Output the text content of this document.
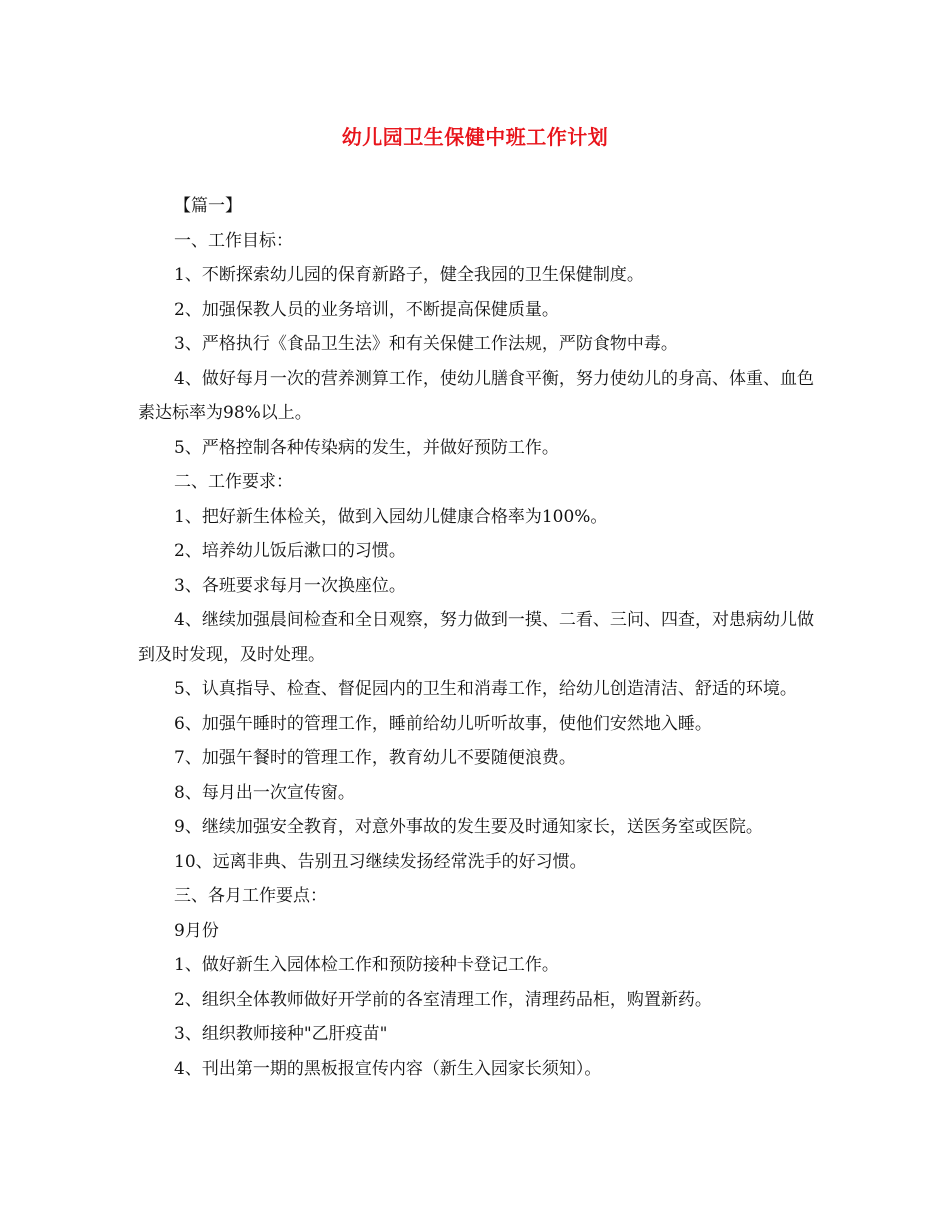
幼儿园卫生保健中班工作计划

【篇一】

一、工作目标：

1、不断探索幼儿园的保育新路子，健全我园的卫生保健制度。

2、加强保教人员的业务培训，不断提高保健质量。

3、严格执行《食品卫生法》和有关保健工作法规，严防食物中毒。

4、做好每月一次的营养测算工作，使幼儿膳食平衡，努力使幼儿的身高、体重、血色素达标率为98%以上。

5、严格控制各种传染病的发生，并做好预防工作。

二、工作要求：

1、把好新生体检关，做到入园幼儿健康合格率为100%。

2、培养幼儿饭后漱口的习惯。

3、各班要求每月一次换座位。

4、继续加强晨间检查和全日观察，努力做到一摸、二看、三问、四查，对患病幼儿做到及时发现，及时处理。

5、认真指导、检查、督促园内的卫生和消毒工作，给幼儿创造清洁、舒适的环境。

6、加强午睡时的管理工作，睡前给幼儿听听故事，使他们安然地入睡。

7、加强午餐时的管理工作，教育幼儿不要随便浪费。

8、每月出一次宣传窗。

9、继续加强安全教育，对意外事故的发生要及时通知家长，送医务室或医院。

10、远离非典、告别丑习继续发扬经常洗手的好习惯。

三、各月工作要点：

9月份

1、做好新生入园体检工作和预防接种卡登记工作。

2、组织全体教师做好开学前的各室清理工作，清理药品柜，购置新药。

3、组织教师接种"乙肝疫苗"

4、刊出第一期的黑板报宣传内容（新生入园家长须知）。
